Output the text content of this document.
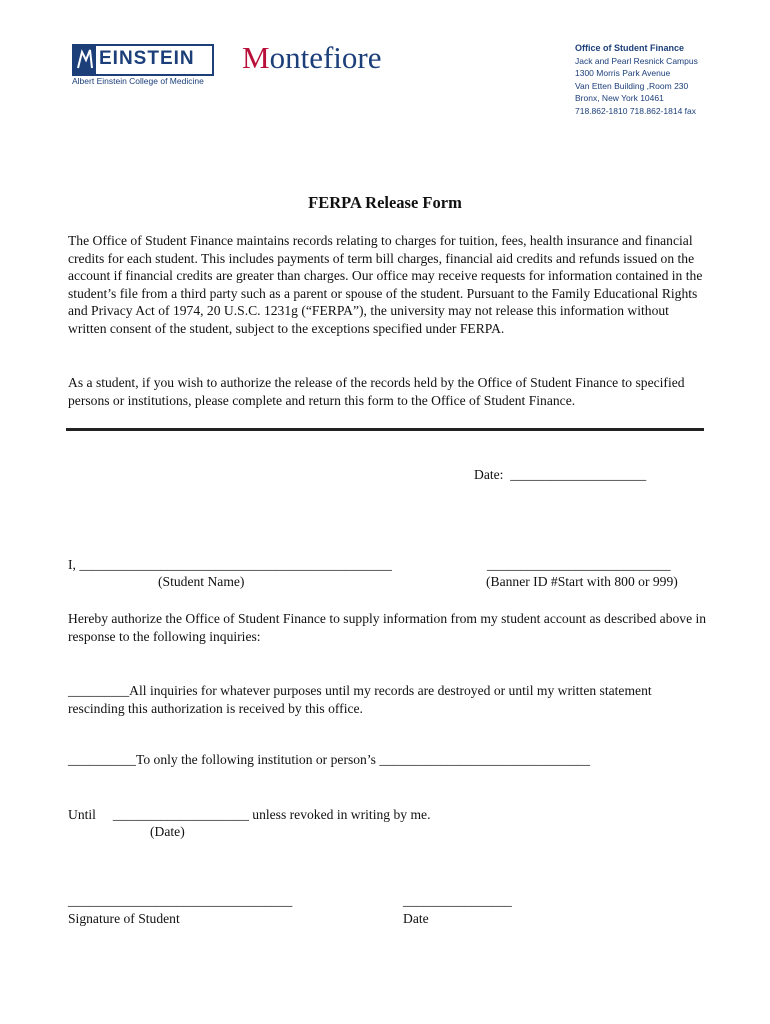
EINSTEIN
Albert Einstein College of Medicine
Montefiore	Office of Student Finance
Jack and Pearl Resnick Campus
1300 Morris Park Avenue
Van Etten Building ,Room 230
Bronx, New York 10461
718.862-1810 718.862-1814 fax
FERPA Release Form
The Office of Student Finance maintains records relating to charges for tuition, fees, health insurance and financial credits for each student. This includes payments of term bill charges, financial aid credits and refunds issued on the account if financial credits are greater than charges. Our office may receive requests for information contained in the student’s file from a third party such as a parent or spouse of the student. Pursuant to the Family Educational Rights and Privacy Act of 1974, 20 U.S.C. 1231g (“FERPA”), the university may not release this information without written consent of the student, subject to the exceptions specified under FERPA.
As a student, if you wish to authorize the release of the records held by the Office of Student Finance to specified persons or institutions, please complete and return this form to the Office of Student Finance.
Date:  ____________________
I, ______________________________________________
(Student Name)
___________________________
(Banner ID #Start with 800 or 999)
Hereby authorize the Office of Student Finance to supply information from my student account as described above in response to the following inquiries:
_________All inquiries for whatever purposes until my records are destroyed or until my written statement rescinding this authorization is received by this office.
__________To only the following institution or person’s _______________________________
Until     ____________________ unless revoked in writing by me.
(Date)
_________________________________
Signature of Student
________________
Date
